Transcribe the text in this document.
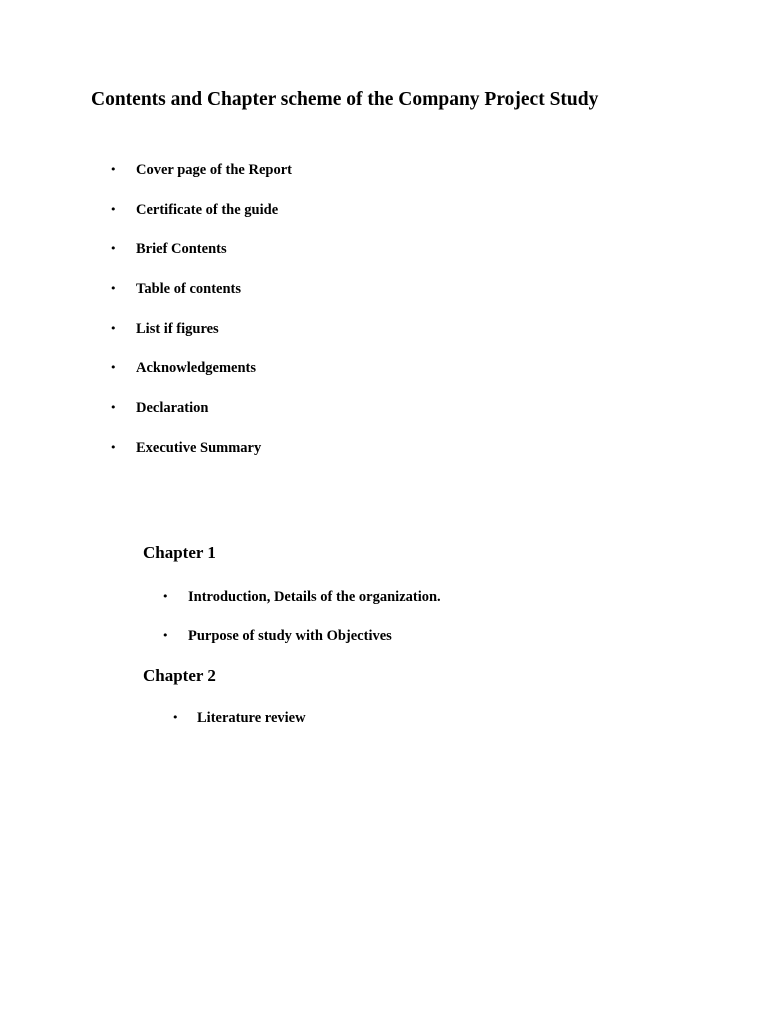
Contents and Chapter scheme of the Company Project Study
• Cover page of the Report
• Certificate of the guide
• Brief Contents
• Table of contents
• List if figures
• Acknowledgements
• Declaration
• Executive Summary
Chapter 1
• Introduction, Details of the organization.
• Purpose of study with Objectives
Chapter 2
• Literature review
